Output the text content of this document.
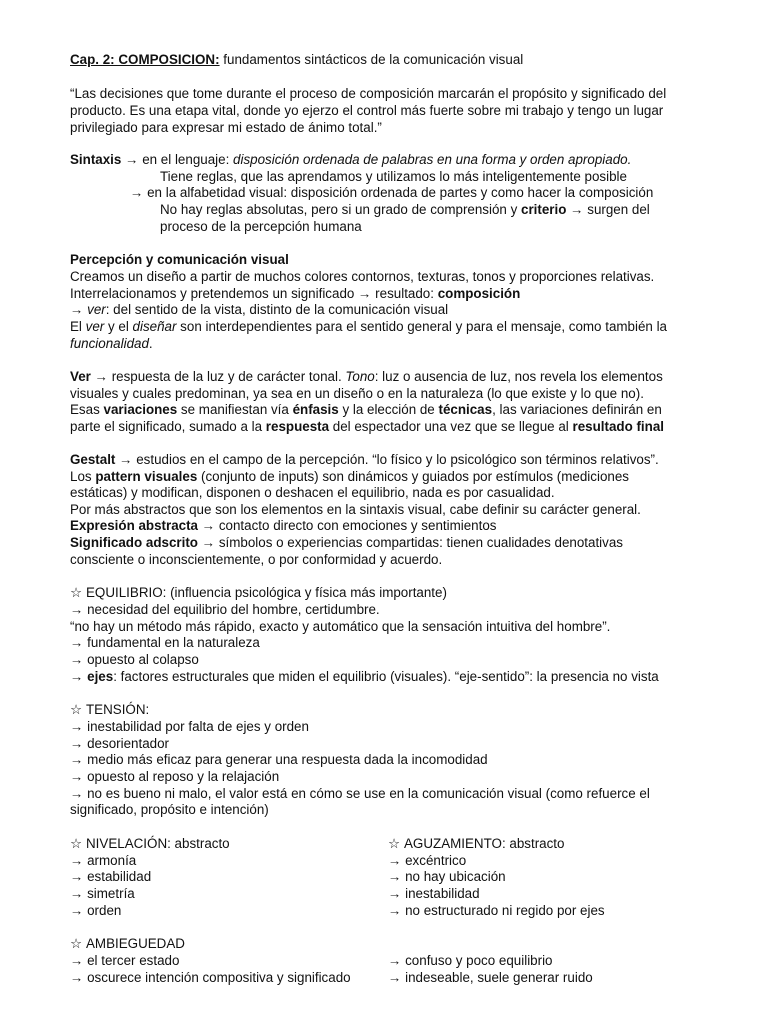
Cap. 2: COMPOSICION: fundamentos sintácticos de la comunicación visual
“Las decisiones que tome durante el proceso de composición marcarán el propósito y significado del
producto. Es una etapa vital, donde yo ejerzo el control más fuerte sobre mi trabajo y tengo un lugar
privilegiado para expresar mi estado de ánimo total.”
Sintaxis → en el lenguaje: disposición ordenada de palabras en una forma y orden apropiado.
Tiene reglas, que las aprendamos y utilizamos lo más inteligentemente posible
→ en la alfabetidad visual: disposición ordenada de partes y como hacer la composición
No hay reglas absolutas, pero si un grado de comprensión y criterio → surgen del
proceso de la percepción humana
Percepción y comunicación visual
Creamos un diseño a partir de muchos colores contornos, texturas, tonos y proporciones relativas.
Interrelacionamos y pretendemos un significado → resultado: composición
→ ver: del sentido de la vista, distinto de la comunicación visual
El ver y el diseñar son interdependientes para el sentido general y para el mensaje, como también la
funcionalidad.
Ver → respuesta de la luz y de carácter tonal. Tono: luz o ausencia de luz, nos revela los elementos
visuales y cuales predominan, ya sea en un diseño o en la naturaleza (lo que existe y lo que no).
Esas variaciones se manifiestan vía énfasis y la elección de técnicas, las variaciones definirán en
parte el significado, sumado a la respuesta del espectador una vez que se llegue al resultado final
Gestalt → estudios en el campo de la percepción. “lo físico y lo psicológico son términos relativos”.
Los pattern visuales (conjunto de inputs) son dinámicos y guiados por estímulos (mediciones
estáticas) y modifican, disponen o deshacen el equilibrio, nada es por casualidad.
Por más abstractos que son los elementos en la sintaxis visual, cabe definir su carácter general.
Expresión abstracta → contacto directo con emociones y sentimientos
Significado adscrito → símbolos o experiencias compartidas: tienen cualidades denotativas
consciente o inconscientemente, o por conformidad y acuerdo.
☆ EQUILIBRIO: (influencia psicológica y física más importante)
→ necesidad del equilibrio del hombre, certidumbre.
“no hay un método más rápido, exacto y automático que la sensación intuitiva del hombre”.
→ fundamental en la naturaleza
→ opuesto al colapso
→ ejes: factores estructurales que miden el equilibrio (visuales). “eje-sentido”: la presencia no vista
☆ TENSIÓN:
→ inestabilidad por falta de ejes y orden
→ desorientador
→ medio más eficaz para generar una respuesta dada la incomodidad
→ opuesto al reposo y la relajación
→ no es bueno ni malo, el valor está en cómo se use en la comunicación visual (como refuerce el
significado, propósito e intención)
☆ NIVELACIÓN: abstracto
→ armonía
→ estabilidad
→ simetría
→ orden
☆ AGUZAMIENTO: abstracto
→ excéntrico
→ no hay ubicación
→ inestabilidad
→ no estructurado ni regido por ejes
☆ AMBIEGUEDAD
→ el tercer estado
→ oscurece intención compositiva y significado
→ confuso y poco equilibrio
→ indeseable, suele generar ruido
